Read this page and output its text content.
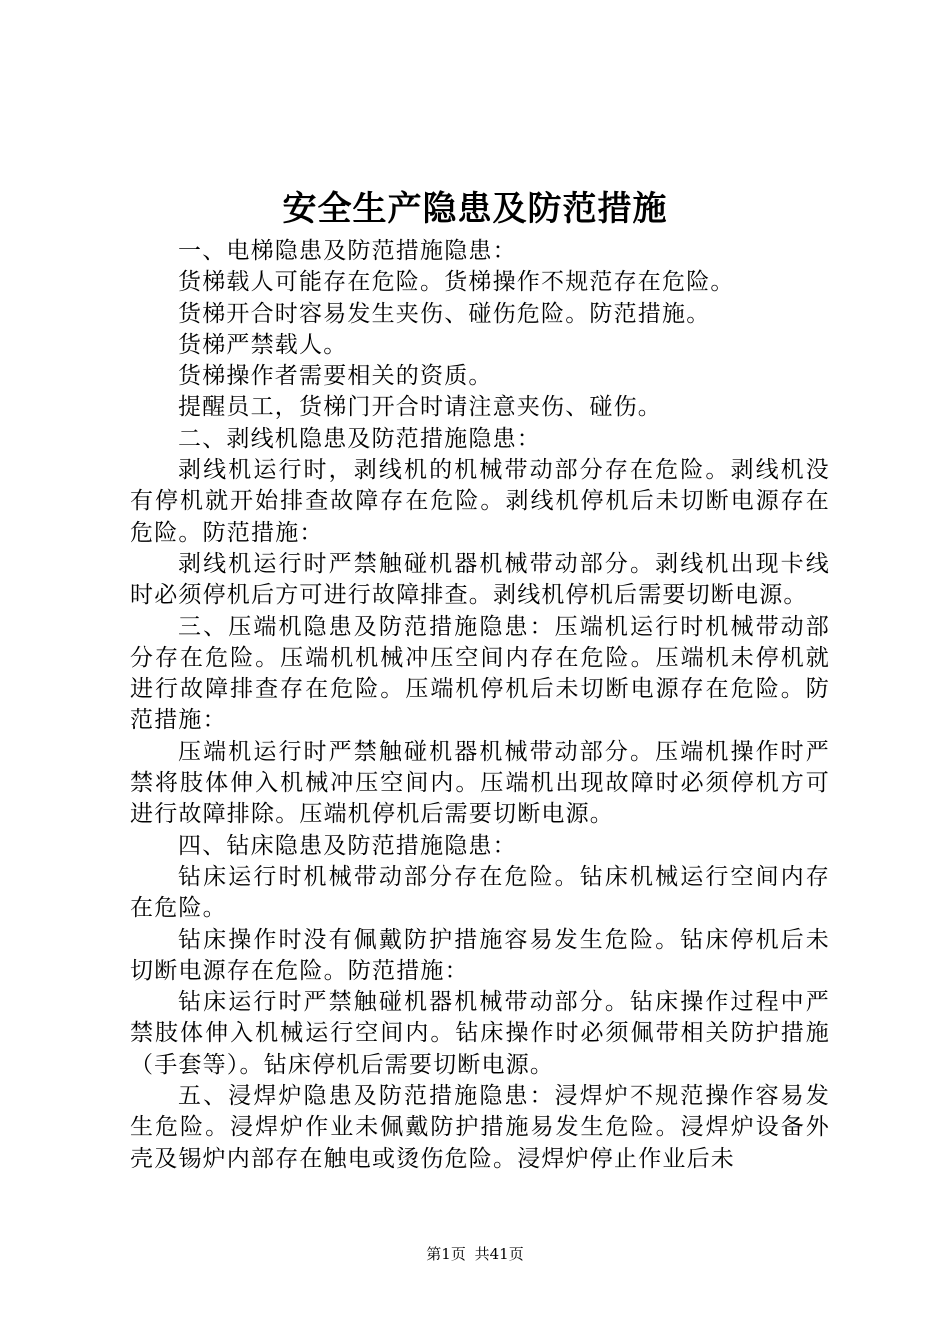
安全生产隐患及防范措施

一、电梯隐患及防范措施隐患：

货梯载人可能存在危险。货梯操作不规范存在危险。

货梯开合时容易发生夹伤、碰伤危险。防范措施。

货梯严禁载人。

货梯操作者需要相关的资质。

提醒员工，货梯门开合时请注意夹伤、碰伤。

二、剥线机隐患及防范措施隐患：

剥线机运行时，剥线机的机械带动部分存在危险。剥线机没有停机就开始排查故障存在危险。剥线机停机后未切断电源存在危险。防范措施：

剥线机运行时严禁触碰机器机械带动部分。剥线机出现卡线时必须停机后方可进行故障排查。剥线机停机后需要切断电源。

三、压端机隐患及防范措施隐患：压端机运行时机械带动部分存在危险。压端机机械冲压空间内存在危险。压端机未停机就进行故障排查存在危险。压端机停机后未切断电源存在危险。防范措施：

压端机运行时严禁触碰机器机械带动部分。压端机操作时严禁将肢体伸入机械冲压空间内。压端机出现故障时必须停机方可进行故障排除。压端机停机后需要切断电源。

四、钻床隐患及防范措施隐患：

钻床运行时机械带动部分存在危险。钻床机械运行空间内存在危险。

钻床操作时没有佩戴防护措施容易发生危险。钻床停机后未切断电源存在危险。防范措施：

钻床运行时严禁触碰机器机械带动部分。钻床操作过程中严禁肢体伸入机械运行空间内。钻床操作时必须佩带相关防护措施（手套等）。钻床停机后需要切断电源。

五、浸焊炉隐患及防范措施隐患：浸焊炉不规范操作容易发生危险。浸焊炉作业未佩戴防护措施易发生危险。浸焊炉设备外壳及锡炉内部存在触电或烫伤危险。浸焊炉停止作业后未

第1页 共41页
